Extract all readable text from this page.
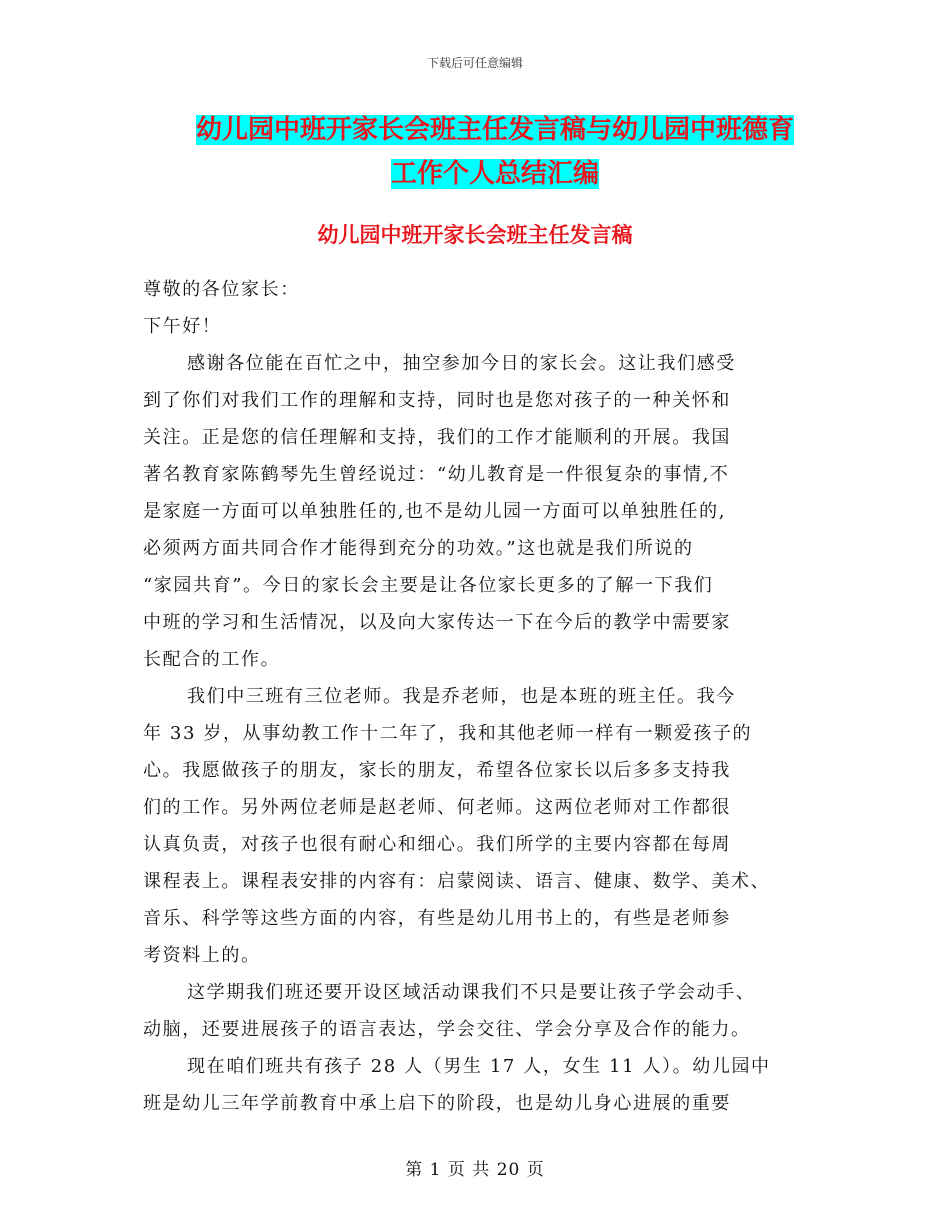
下载后可任意编辑
幼儿园中班开家长会班主任发言稿与幼儿园中班德育
工作个人总结汇编
幼儿园中班开家长会班主任发言稿
尊敬的各位家长：
下午好！
感谢各位能在百忙之中，抽空参加今日的家长会。这让我们感受
到了你们对我们工作的理解和支持，同时也是您对孩子的一种关怀和
关注。正是您的信任理解和支持，我们的工作才能顺利的开展。我国
著名教育家陈鹤琴先生曾经说过：“幼儿教育是一件很复杂的事情,不
是家庭一方面可以单独胜任的,也不是幼儿园一方面可以单独胜任的,
必须两方面共同合作才能得到充分的功效。”这也就是我们所说的
“家园共育”。今日的家长会主要是让各位家长更多的了解一下我们
中班的学习和生活情况，以及向大家传达一下在今后的教学中需要家
长配合的工作。
我们中三班有三位老师。我是乔老师，也是本班的班主任。我今
年 33 岁，从事幼教工作十二年了，我和其他老师一样有一颗爱孩子的
心。我愿做孩子的朋友，家长的朋友，希望各位家长以后多多支持我
们的工作。另外两位老师是赵老师、何老师。这两位老师对工作都很
认真负责，对孩子也很有耐心和细心。我们所学的主要内容都在每周
课程表上。课程表安排的内容有：启蒙阅读、语言、健康、数学、美术、
音乐、科学等这些方面的内容，有些是幼儿用书上的，有些是老师参
考资料上的。
这学期我们班还要开设区域活动课我们不只是要让孩子学会动手、
动脑，还要进展孩子的语言表达，学会交往、学会分享及合作的能力。
现在咱们班共有孩子 28 人（男生 17 人，女生 11 人）。幼儿园中
班是幼儿三年学前教育中承上启下的阶段，也是幼儿身心进展的重要
第 1 页 共 20 页
